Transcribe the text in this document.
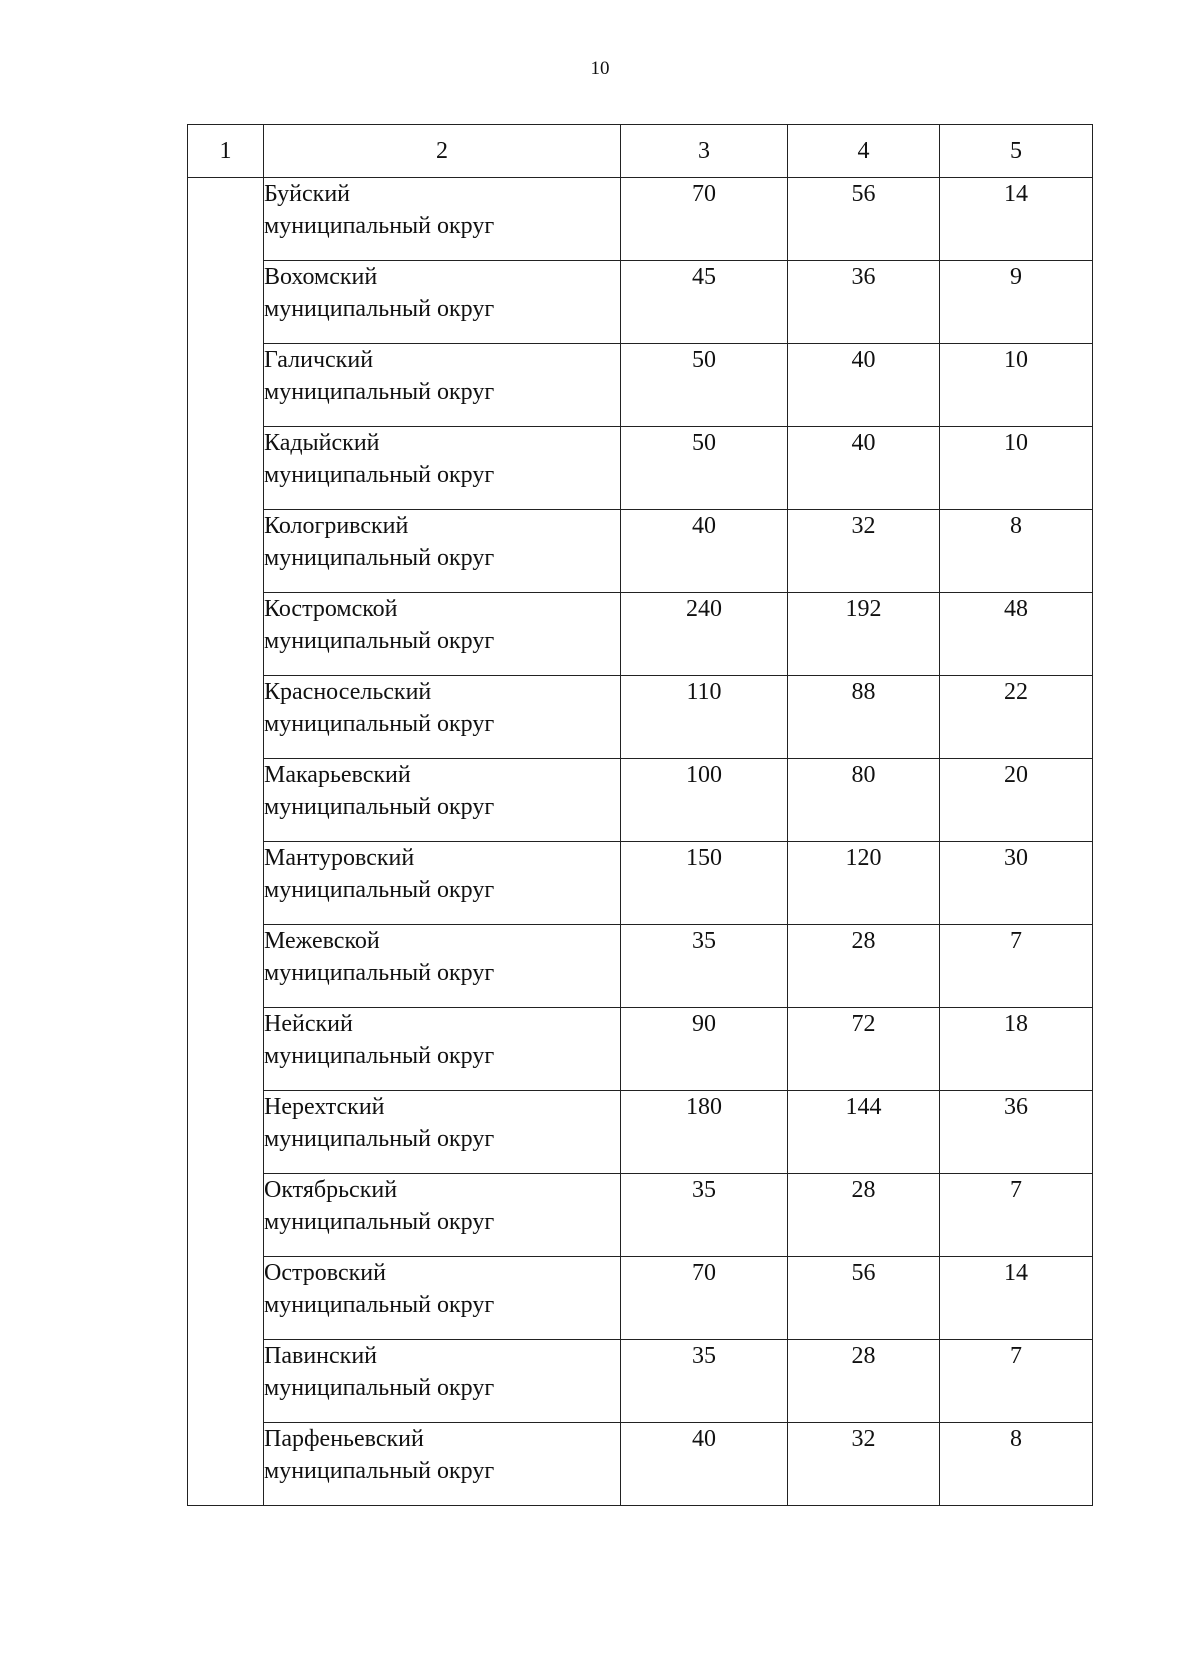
10
1	2	3	4	5

	Буйский
муниципальный округ	70	56	14

	Вохомский
муниципальный округ	45	36	9

	Галичский
муниципальный округ	50	40	10

	Кадыйский
муниципальный округ	50	40	10

	Кологривский
муниципальный округ	40	32	8

	Костромской
муниципальный округ	240	192	48

	Красносельский
муниципальный округ	110	88	22

	Макарьевский
муниципальный округ	100	80	20

	Мантуровский
муниципальный округ	150	120	30

	Межевской
муниципальный округ	35	28	7

	Нейский
муниципальный округ	90	72	18

	Нерехтский
муниципальный округ	180	144	36

	Октябрьский
муниципальный округ	35	28	7

	Островский
муниципальный округ	70	56	14

	Павинский
муниципальный округ	35	28	7

	Парфеньевский
муниципальный округ	40	32	8
